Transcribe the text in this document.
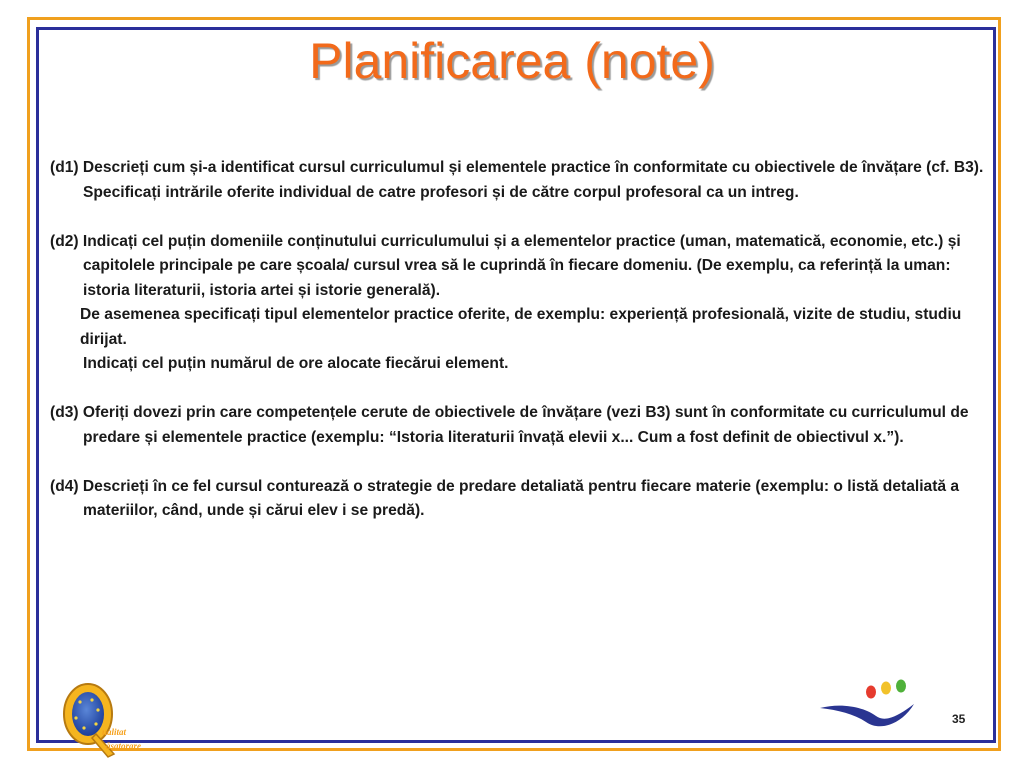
Planificarea (note)
(d1) Descrieți cum și-a identificat cursul curriculumul și elementele practice în conformitate cu obiectivele de învățare (cf. B3). Specificați intrările oferite individual de catre profesori și de către corpul profesoral ca un intreg.
(d2) Indicați cel puțin domeniile conținutului curriculumului și a elementelor practice (uman, matematică, economie, etc.) și capitolele principale pe care școala/ cursul vrea să le cuprindă în fiecare domeniu. (De exemplu, ca referință la uman: istoria literaturii, istoria artei și istorie generală).
De asemenea specificați tipul elementelor practice oferite, de exemplu: experiență profesională, vizite de studiu, studiu dirijat.
Indicați cel puțin numărul de ore alocate fiecărui element.
(d3) Oferiți dovezi prin care competențele cerute de obiectivele de învățare (vezi B3) sunt în conformitate cu curriculumul de predare și elementele practice (exemplu: “Istoria literaturii învață elevii x... Cum a fost definit de obiectivul x.”).
(d4) Descrieți în ce fel cursul conturează o strategie de predare detaliată pentru fiecare materie (exemplu: o listă detaliată a materiilor, când, unde și cărui elev i se predă).
ualitat
ăsatorare
35
